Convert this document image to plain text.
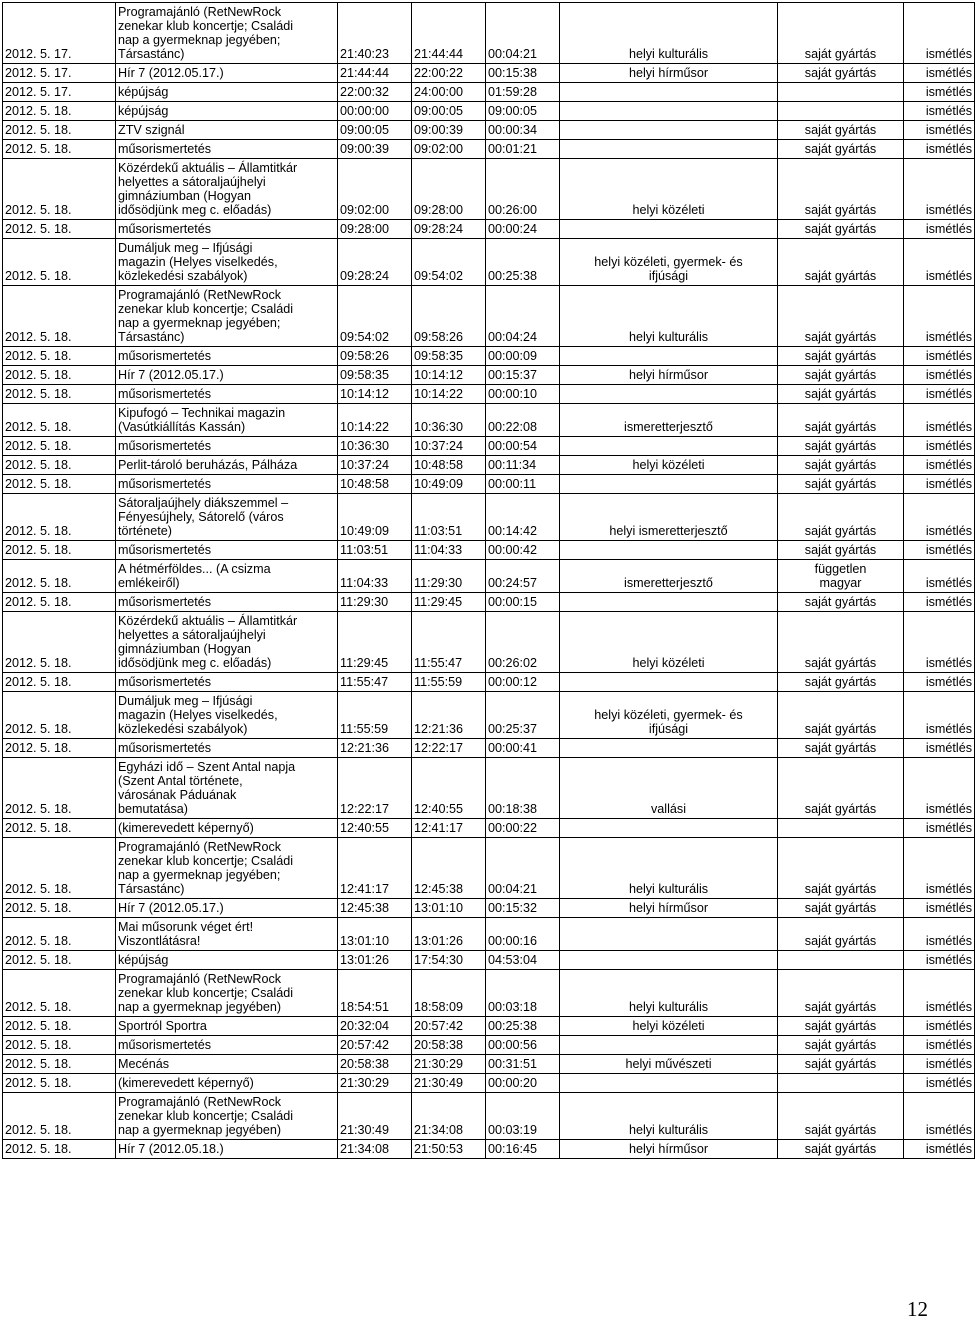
2012. 5. 17.	Programajánló (RetNewRock
zenekar klub koncertje; Családi
nap a gyermeknap jegyében;
Társastánc)	21:40:23	21:44:44	00:04:21	helyi kulturális	saját gyártás	ismétlés
2012. 5. 17.	Hír 7 (2012.05.17.)	21:44:44	22:00:22	00:15:38	helyi hírműsor	saját gyártás	ismétlés
2012. 5. 17.	képújság	22:00:32	24:00:00	01:59:28			ismétlés
2012. 5. 18.	képújság	00:00:00	09:00:05	09:00:05			ismétlés
2012. 5. 18.	ZTV szignál	09:00:05	09:00:39	00:00:34		saját gyártás	ismétlés
2012. 5. 18.	műsorismertetés	09:00:39	09:02:00	00:01:21		saját gyártás	ismétlés
2012. 5. 18.	Közérdekű aktuális – Államtitkár
helyettes a sátoraljaújhelyi
gimnáziumban (Hogyan
idősödjünk meg c. előadás)	09:02:00	09:28:00	00:26:00	helyi közéleti	saját gyártás	ismétlés
2012. 5. 18.	műsorismertetés	09:28:00	09:28:24	00:00:24		saját gyártás	ismétlés
2012. 5. 18.	Dumáljuk meg – Ifjúsági
magazin (Helyes viselkedés,
közlekedési szabályok)	09:28:24	09:54:02	00:25:38	helyi közéleti, gyermek- és
ifjúsági	saját gyártás	ismétlés
2012. 5. 18.	Programajánló (RetNewRock
zenekar klub koncertje; Családi
nap a gyermeknap jegyében;
Társastánc)	09:54:02	09:58:26	00:04:24	helyi kulturális	saját gyártás	ismétlés
2012. 5. 18.	műsorismertetés	09:58:26	09:58:35	00:00:09		saját gyártás	ismétlés
2012. 5. 18.	Hír 7 (2012.05.17.)	09:58:35	10:14:12	00:15:37	helyi hírműsor	saját gyártás	ismétlés
2012. 5. 18.	műsorismertetés	10:14:12	10:14:22	00:00:10		saját gyártás	ismétlés
2012. 5. 18.	Kipufogó – Technikai magazin
(Vasútkiállítás Kassán)	10:14:22	10:36:30	00:22:08	ismeretterjesztő	saját gyártás	ismétlés
2012. 5. 18.	műsorismertetés	10:36:30	10:37:24	00:00:54		saját gyártás	ismétlés
2012. 5. 18.	Perlit-tároló beruházás, Pálháza	10:37:24	10:48:58	00:11:34	helyi közéleti	saját gyártás	ismétlés
2012. 5. 18.	műsorismertetés	10:48:58	10:49:09	00:00:11		saját gyártás	ismétlés
2012. 5. 18.	Sátoraljaújhely diákszemmel –
Fényesújhely, Sátorelő (város
története)	10:49:09	11:03:51	00:14:42	helyi ismeretterjesztő	saját gyártás	ismétlés
2012. 5. 18.	műsorismertetés	11:03:51	11:04:33	00:00:42		saját gyártás	ismétlés
2012. 5. 18.	A hétmérföldes... (A csizma
emlékeiről)	11:04:33	11:29:30	00:24:57	ismeretterjesztő	független
magyar	ismétlés
2012. 5. 18.	műsorismertetés	11:29:30	11:29:45	00:00:15		saját gyártás	ismétlés
2012. 5. 18.	Közérdekű aktuális – Államtitkár
helyettes a sátoraljaújhelyi
gimnáziumban (Hogyan
idősödjünk meg c. előadás)	11:29:45	11:55:47	00:26:02	helyi közéleti	saját gyártás	ismétlés
2012. 5. 18.	műsorismertetés	11:55:47	11:55:59	00:00:12		saját gyártás	ismétlés
2012. 5. 18.	Dumáljuk meg – Ifjúsági
magazin (Helyes viselkedés,
közlekedési szabályok)	11:55:59	12:21:36	00:25:37	helyi közéleti, gyermek- és
ifjúsági	saját gyártás	ismétlés
2012. 5. 18.	műsorismertetés	12:21:36	12:22:17	00:00:41		saját gyártás	ismétlés
2012. 5. 18.	Egyházi idő – Szent Antal napja
(Szent Antal története,
városának Páduának
bemutatása)	12:22:17	12:40:55	00:18:38	vallási	saját gyártás	ismétlés
2012. 5. 18.	(kimerevedett képernyő)	12:40:55	12:41:17	00:00:22			ismétlés
2012. 5. 18.	Programajánló (RetNewRock
zenekar klub koncertje; Családi
nap a gyermeknap jegyében;
Társastánc)	12:41:17	12:45:38	00:04:21	helyi kulturális	saját gyártás	ismétlés
2012. 5. 18.	Hír 7 (2012.05.17.)	12:45:38	13:01:10	00:15:32	helyi hírműsor	saját gyártás	ismétlés
2012. 5. 18.	Mai műsorunk véget ért!
Viszontlátásra!	13:01:10	13:01:26	00:00:16		saját gyártás	ismétlés
2012. 5. 18.	képújság	13:01:26	17:54:30	04:53:04			ismétlés
2012. 5. 18.	Programajánló (RetNewRock
zenekar klub koncertje; Családi
nap a gyermeknap jegyében)	18:54:51	18:58:09	00:03:18	helyi kulturális	saját gyártás	ismétlés
2012. 5. 18.	Sportról Sportra	20:32:04	20:57:42	00:25:38	helyi közéleti	saját gyártás	ismétlés
2012. 5. 18.	műsorismertetés	20:57:42	20:58:38	00:00:56		saját gyártás	ismétlés
2012. 5. 18.	Mecénás	20:58:38	21:30:29	00:31:51	helyi művészeti	saját gyártás	ismétlés
2012. 5. 18.	(kimerevedett képernyő)	21:30:29	21:30:49	00:00:20			ismétlés
2012. 5. 18.	Programajánló (RetNewRock
zenekar klub koncertje; Családi
nap a gyermeknap jegyében)	21:30:49	21:34:08	00:03:19	helyi kulturális	saját gyártás	ismétlés
2012. 5. 18.	Hír 7 (2012.05.18.)	21:34:08	21:50:53	00:16:45	helyi hírműsor	saját gyártás	ismétlés
12
